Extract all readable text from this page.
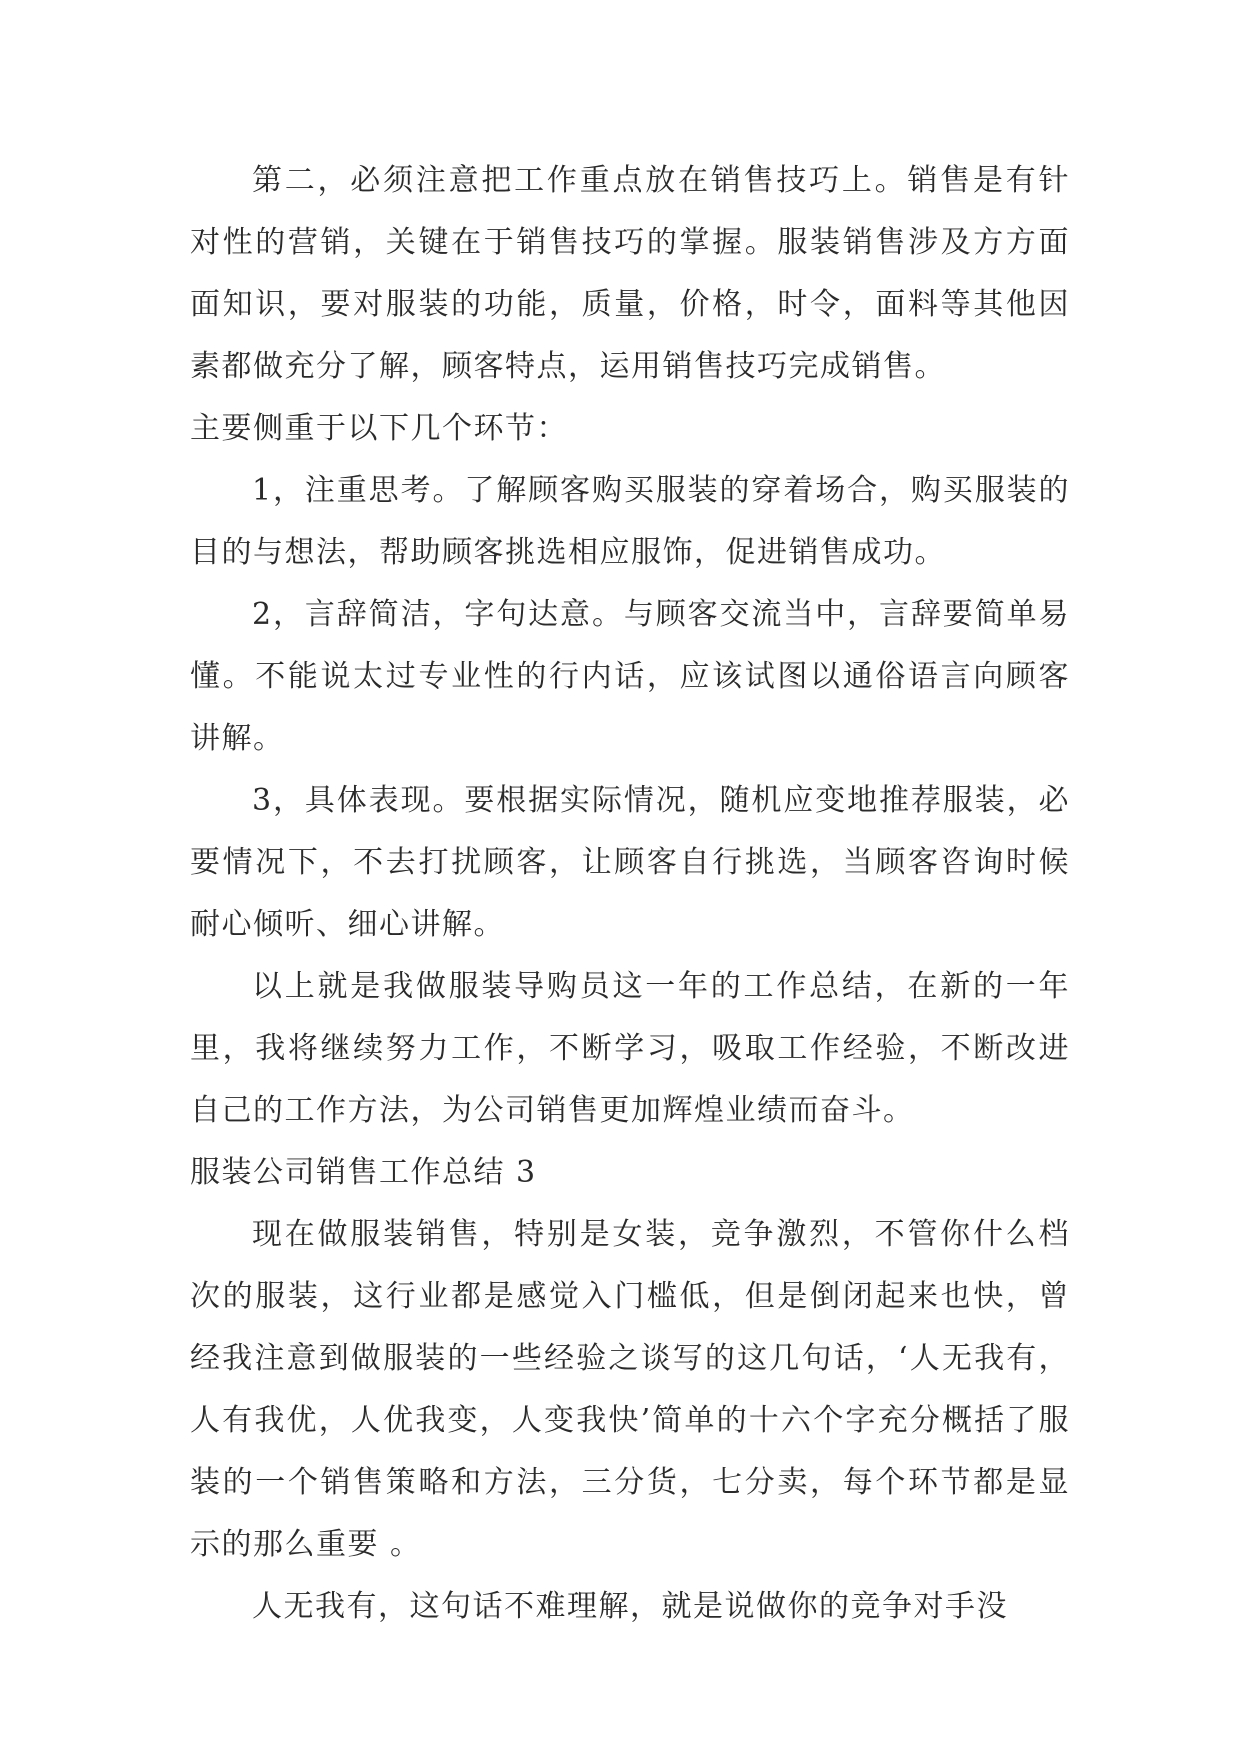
第二，必须注意把工作重点放在销售技巧上。销售是有针对性的营销，关键在于销售技巧的掌握。服装销售涉及方方面面知识，要对服装的功能，质量，价格，时令，面料等其他因素都做充分了解，顾客特点，运用销售技巧完成销售。

主要侧重于以下几个环节：

1，注重思考。了解顾客购买服装的穿着场合，购买服装的目的与想法，帮助顾客挑选相应服饰，促进销售成功。

2，言辞简洁，字句达意。与顾客交流当中，言辞要简单易懂。不能说太过专业性的行内话，应该试图以通俗语言向顾客讲解。

3，具体表现。要根据实际情况，随机应变地推荐服装，必要情况下，不去打扰顾客，让顾客自行挑选，当顾客咨询时候耐心倾听、细心讲解。

以上就是我做服装导购员这一年的工作总结，在新的一年里，我将继续努力工作，不断学习，吸取工作经验，不断改进自己的工作方法，为公司销售更加辉煌业绩而奋斗。

服装公司销售工作总结 3

现在做服装销售，特别是女装，竞争激烈，不管你什么档次的服装，这行业都是感觉入门槛低，但是倒闭起来也快，曾经我注意到做服装的一些经验之谈写的这几句话，‘人无我有，人有我优，人优我变，人变我快’简单的十六个字充分概括了服装的一个销售策略和方法，三分货，七分卖，每个环节都是显示的那么重要 。

人无我有，这句话不难理解，就是说做你的竞争对手没
